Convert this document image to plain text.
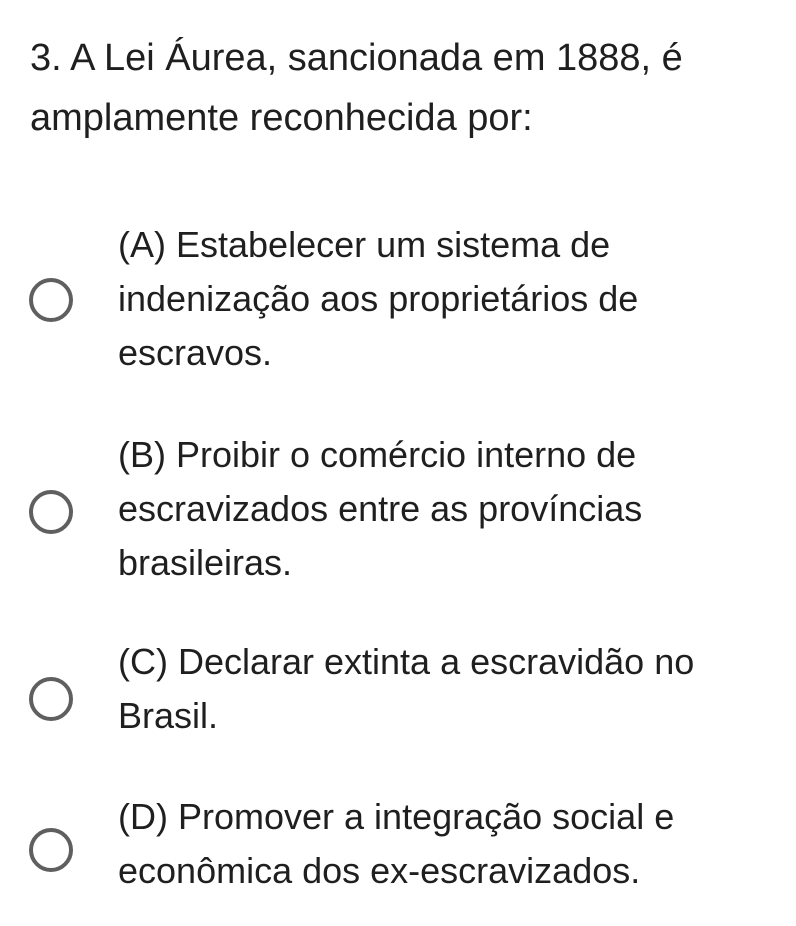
3. A Lei Áurea, sancionada em 1888, é amplamente reconhecida por:
(A) Estabelecer um sistema de indenização aos proprietários de escravos.
(B) Proibir o comércio interno de escravizados entre as províncias brasileiras.
(C) Declarar extinta a escravidão no Brasil.
(D) Promover a integração social e econômica dos ex-escravizados.
